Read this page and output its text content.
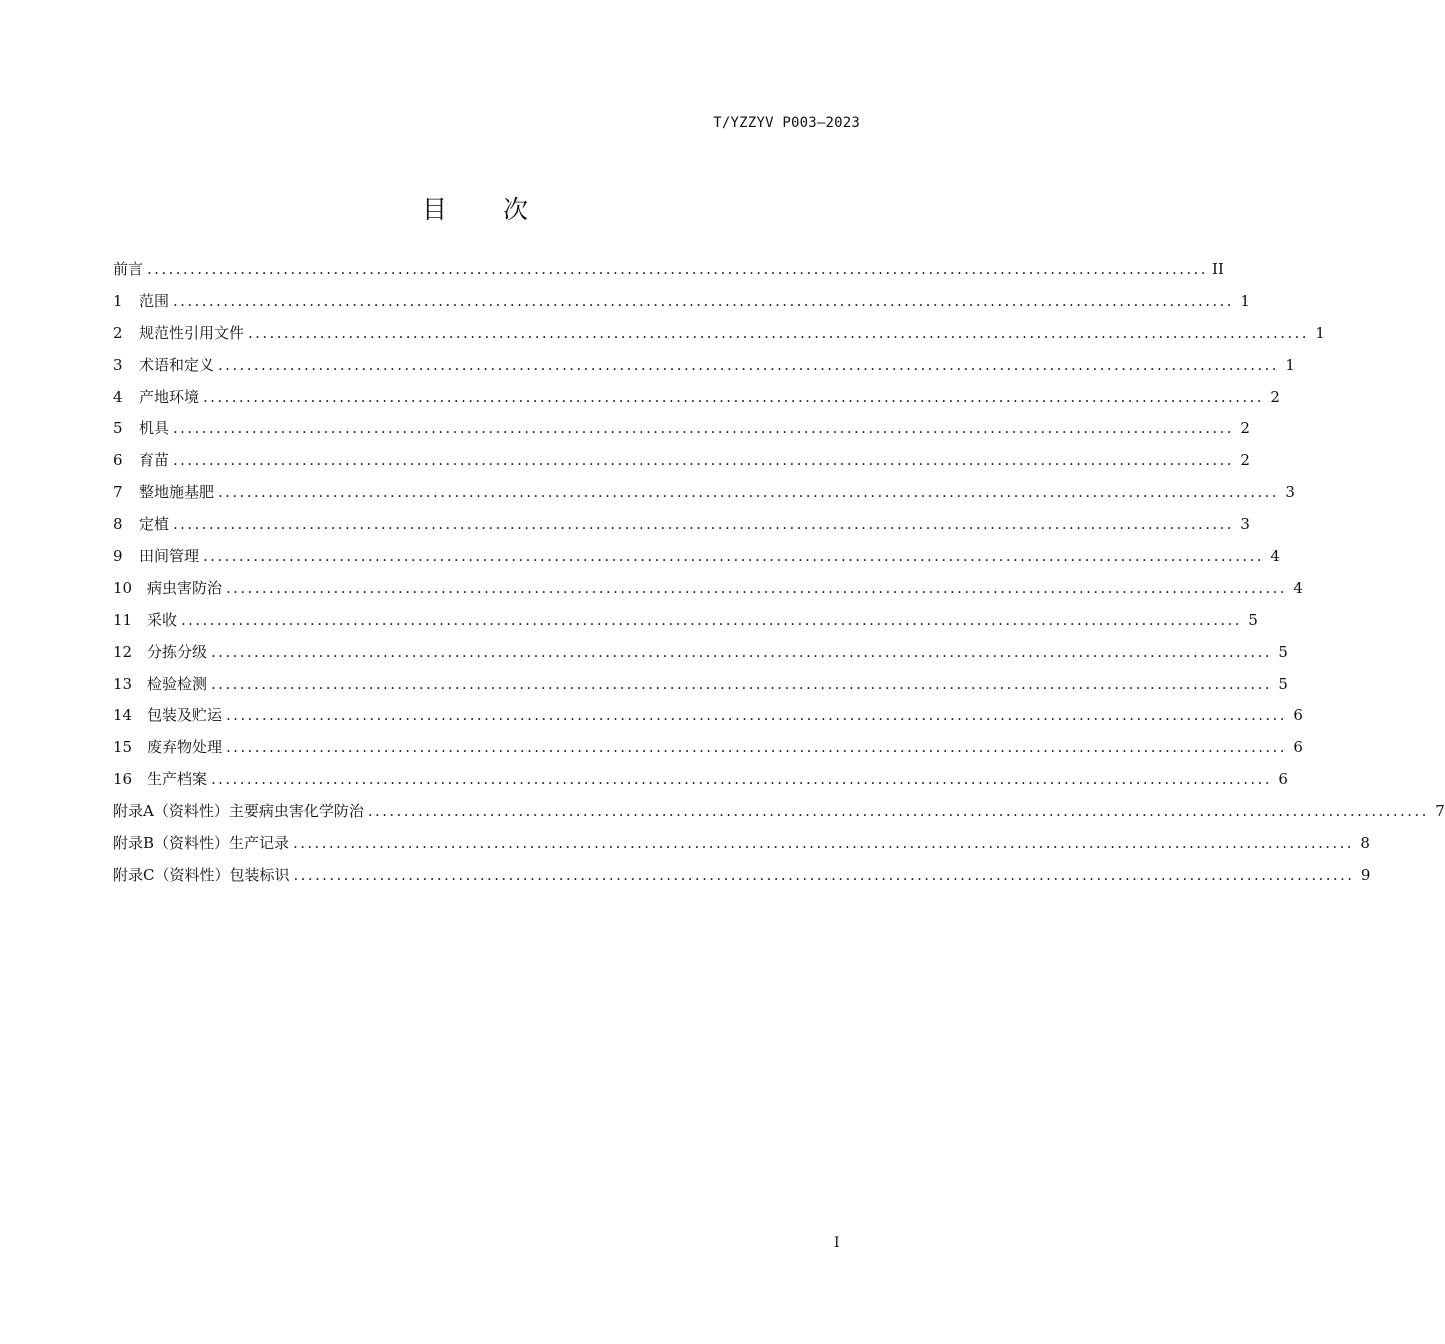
T/YZZYV P003—2023
目次
前言 .................................................................................................................................................... II
1	范围 .................................................................................................................................................... 1
2	规范性引用文件 .................................................................................................................................................... 1
3	术语和定义 .................................................................................................................................................... 1
4	产地环境 .................................................................................................................................................... 2
5	机具 .................................................................................................................................................... 2
6	育苗 .................................................................................................................................................... 2
7	整地施基肥 .................................................................................................................................................... 3
8	定植 .................................................................................................................................................... 3
9	田间管理 .................................................................................................................................................... 4
10 病虫害防治 .................................................................................................................................................... 4
11 采收 .................................................................................................................................................... 5
12 分拣分级 .................................................................................................................................................... 5
13 检验检测 .................................................................................................................................................... 5
14 包装及贮运 .................................................................................................................................................... 6
15 废弃物处理 .................................................................................................................................................... 6
16 生产档案 .................................................................................................................................................... 6
附录A（资料性） 主要病虫害化学防治 .................................................................................................................................................... 7
附录B（资料性） 生产记录 .................................................................................................................................................... 8
附录C（资料性） 包装标识 .................................................................................................................................................... 9
I
